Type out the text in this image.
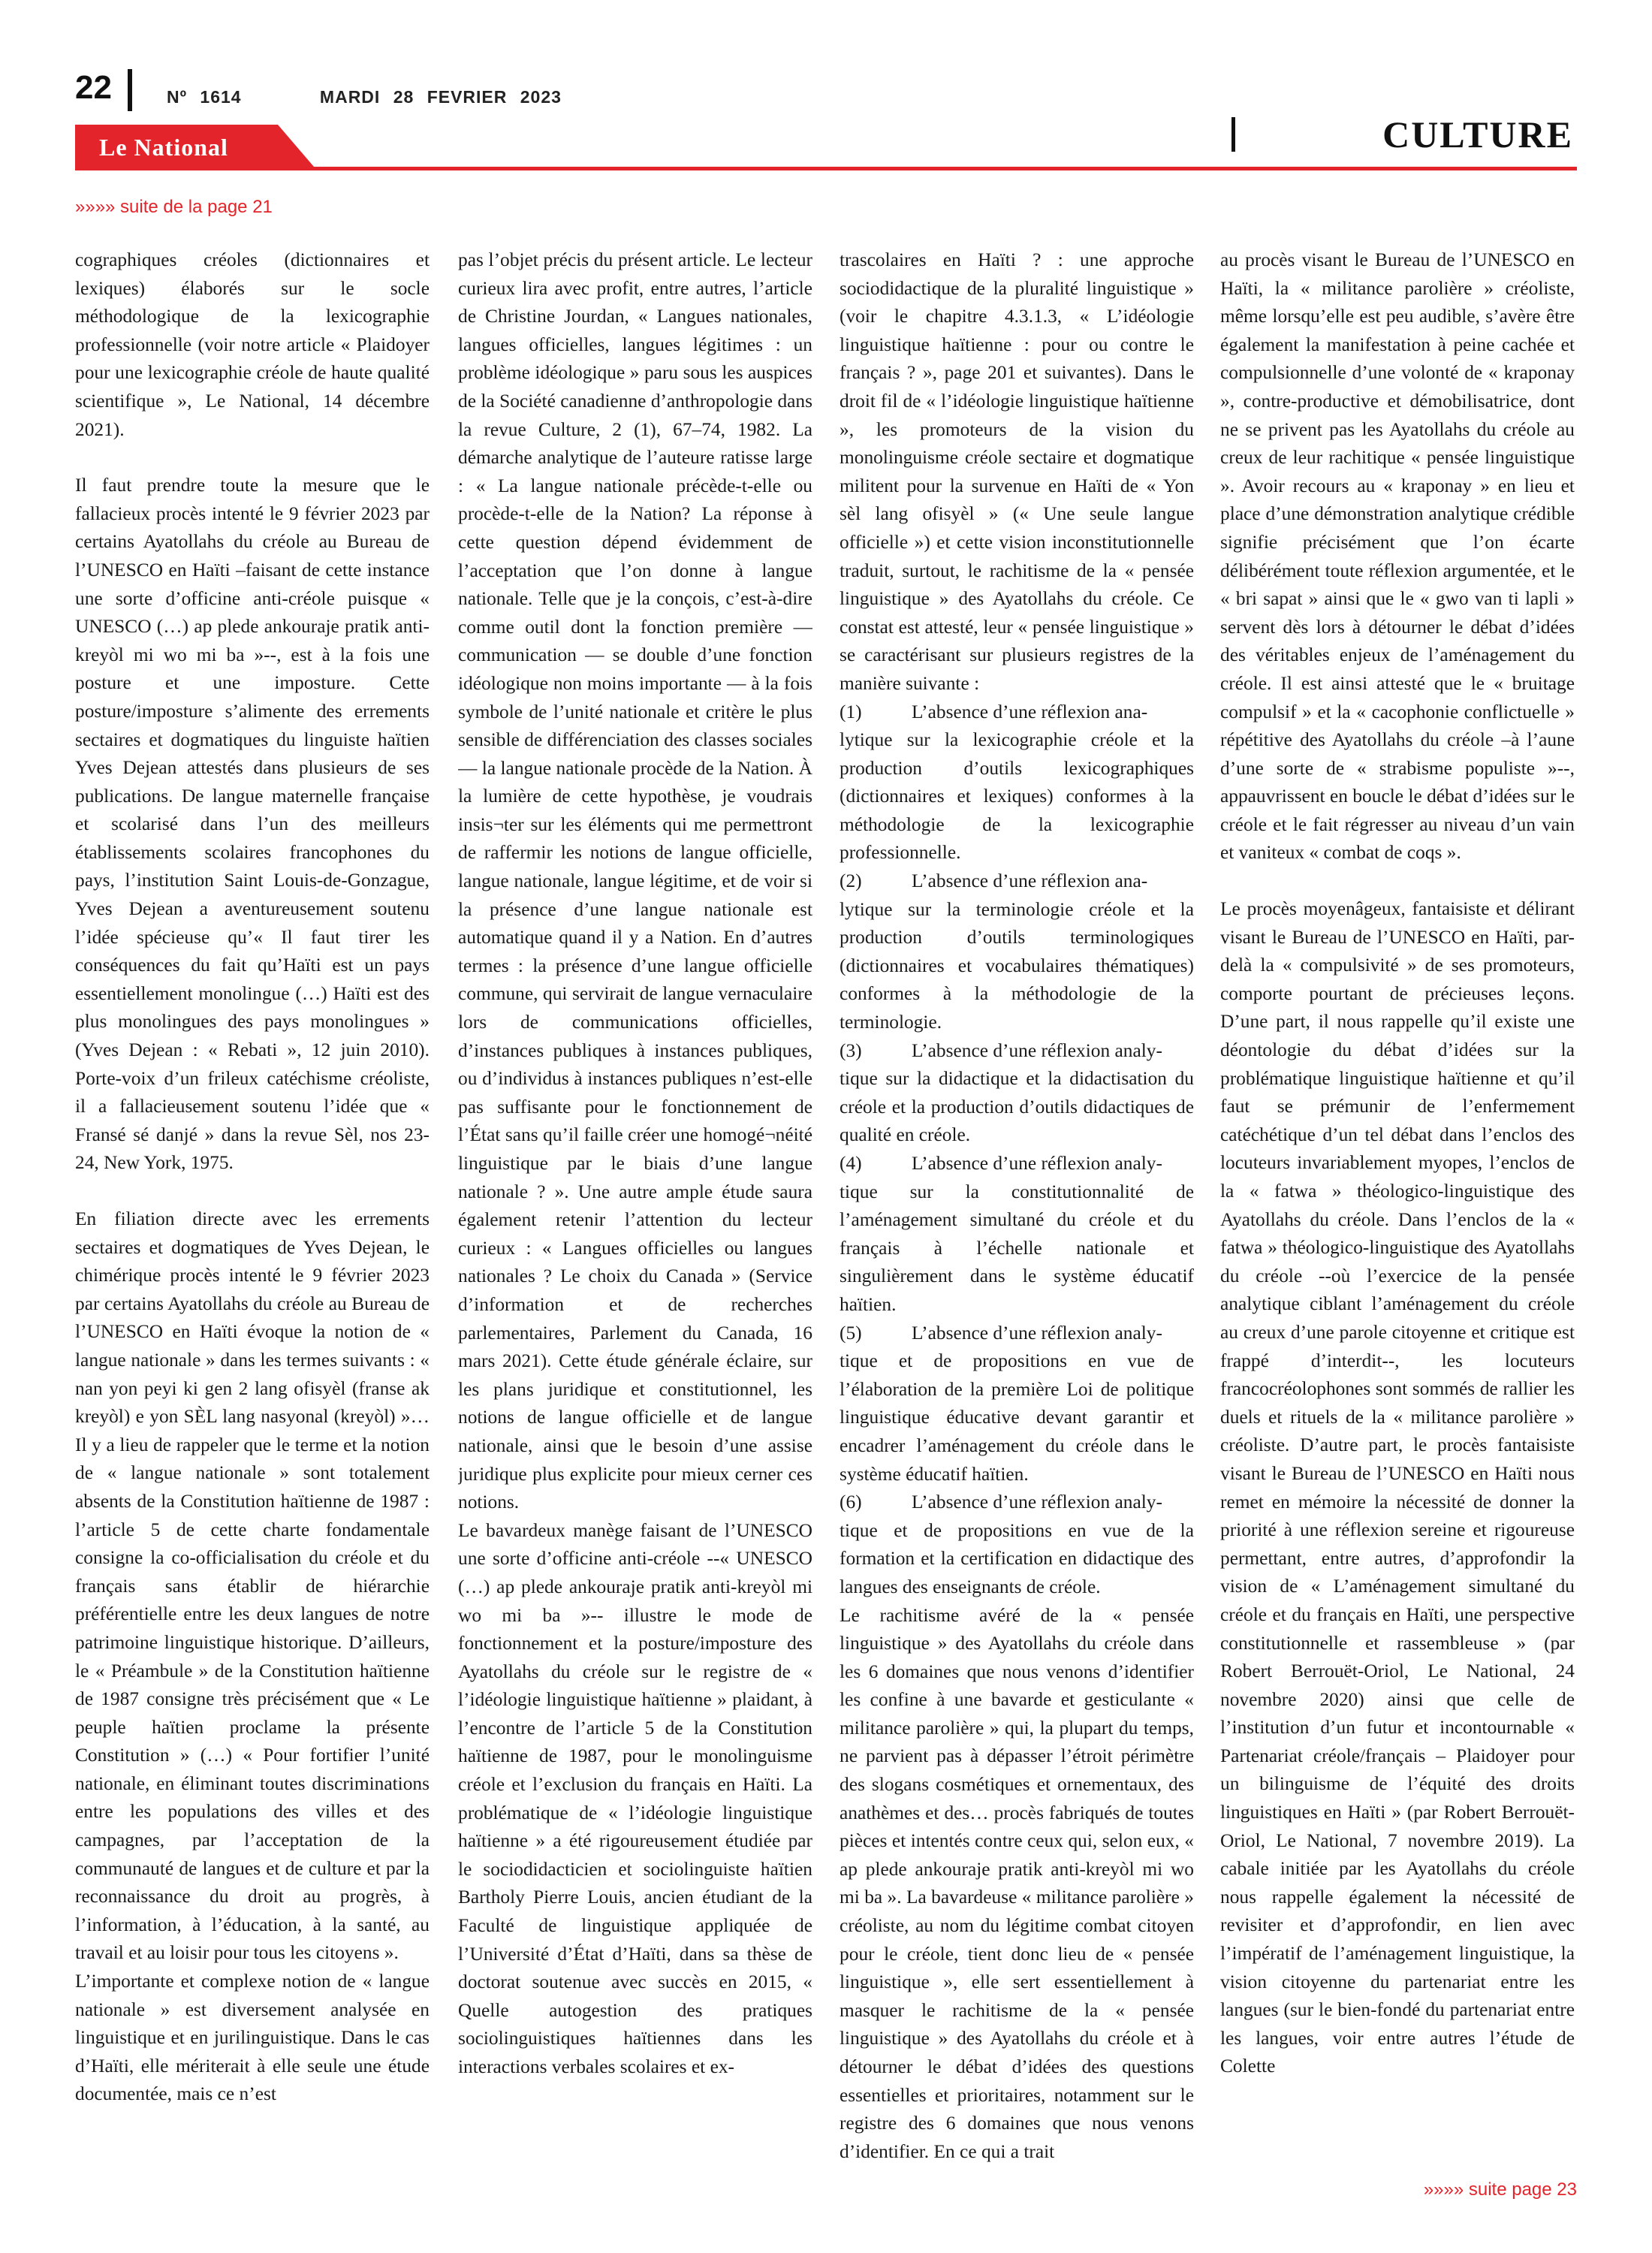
22	Nº 1614	MARDI 28 FEVRIER 2023
CULTURE
Le National
»»»» suite de la page 21

cographiques créoles (dictionnaires et lexiques) élaborés sur le socle méthodologique de la lexicographie professionnelle (voir notre article « Plaidoyer pour une lexicographie créole de haute qualité scientifique », Le National, 14 décembre 2021).

Il faut prendre toute la mesure que le fallacieux procès intenté le 9 février 2023 par certains Ayatollahs du créole au Bureau de l’UNESCO en Haïti –faisant de cette instance une sorte d’officine anti-créole puisque « UNESCO (…) ap plede ankouraje pratik anti-kreyòl mi wo mi ba »--, est à la fois une posture et une imposture. Cette posture/imposture s’alimente des errements sectaires et dogmatiques du linguiste haïtien Yves Dejean attestés dans plusieurs de ses publications. De langue maternelle française et scolarisé dans l’un des meilleurs établissements scolaires francophones du pays, l’institution Saint Louis-de-Gonzague, Yves Dejean a aventureusement soutenu l’idée spécieuse qu’« Il faut tirer les conséquences du fait qu’Haïti est un pays essentiellement monolingue (…) Haïti est des plus monolingues des pays monolingues » (Yves Dejean : « Rebati », 12 juin 2010). Porte-voix d’un frileux catéchisme créoliste, il a fallacieusement soutenu l’idée que « Fransé sé danjé » dans la revue Sèl, nos 23-24, New York, 1975.

En filiation directe avec les errements sectaires et dogmatiques de Yves Dejean, le chimérique procès intenté le 9 février 2023 par certains Ayatollahs du créole au Bureau de l’UNESCO en Haïti évoque la notion de « langue nationale » dans les termes suivants : « nan yon peyi ki gen 2 lang ofisyèl (franse ak kreyòl) e yon SÈL lang nasyonal (kreyòl) »… Il y a lieu de rappeler que le terme et la notion de « langue nationale » sont totalement absents de la Constitution haïtienne de 1987 : l’article 5 de cette charte fondamentale consigne la co-officialisation du créole et du français sans établir de hiérarchie préférentielle entre les deux langues de notre patrimoine linguistique historique. D’ailleurs, le « Préambule » de la Constitution haïtienne de 1987 consigne très précisément que « Le peuple haïtien proclame la présente Constitution » (…) « Pour fortifier l’unité nationale, en éliminant toutes discriminations entre les populations des villes et des campagnes, par l’acceptation de la communauté de langues et de culture et par la reconnaissance du droit au progrès, à l’information, à l’éducation, à la santé, au travail et au loisir pour tous les citoyens ».

L’importante et complexe notion de « langue nationale » est diversement analysée en linguistique et en jurilinguistique. Dans le cas d’Haïti, elle mériterait à elle seule une étude documentée, mais ce n’est

pas l’objet précis du présent article. Le lecteur curieux lira avec profit, entre autres, l’article de Christine Jourdan, « Langues nationales, langues officielles, langues légitimes : un problème idéologique » paru sous les auspices de la Société canadienne d’anthropologie dans la revue Culture, 2 (1), 67–74, 1982. La démarche analytique de l’auteure ratisse large : « La langue nationale précède-t-elle ou procède-t-elle de la Nation? La réponse à cette question dépend évidemment de l’acceptation que l’on donne à langue nationale. Telle que je la conçois, c’est-à-dire comme outil dont la fonction première — communication — se double d’une fonction idéologique non moins importante — à la fois symbole de l’unité nationale et critère le plus sensible de différenciation des classes sociales — la langue nationale procède de la Nation. À la lumière de cette hypothèse, je voudrais insis¬ter sur les éléments qui me permettront de raffermir les notions de langue officielle, langue nationale, langue légitime, et de voir si la présence d’une langue nationale est automatique quand il y a Nation. En d’autres termes : la présence d’une langue officielle commune, qui servirait de langue vernaculaire lors de communications officielles, d’instances publiques à instances publiques, ou d’individus à instances publiques n’est-elle pas suffisante pour le fonctionnement de l’État sans qu’il faille créer une homogé¬néité linguistique par le biais d’une langue nationale ? ». Une autre ample étude saura également retenir l’attention du lecteur curieux : « Langues officielles ou langues nationales ? Le choix du Canada » (Service d’information et de recherches parlementaires, Parlement du Canada, 16 mars 2021). Cette étude générale éclaire, sur les plans juridique et constitutionnel, les notions de langue officielle et de langue nationale, ainsi que le besoin d’une assise juridique plus explicite pour mieux cerner ces notions.

Le bavardeux manège faisant de l’UNESCO une sorte d’officine anti-créole --« UNESCO (…) ap plede ankouraje pratik anti-kreyòl mi wo mi ba »-- illustre le mode de fonctionnement et la posture/imposture des Ayatollahs du créole sur le registre de « l’idéologie linguistique haïtienne » plaidant, à l’encontre de l’article 5 de la Constitution haïtienne de 1987, pour le monolinguisme créole et l’exclusion du français en Haïti. La problématique de « l’idéologie linguistique haïtienne » a été rigoureusement étudiée par le sociodidacticien et sociolinguiste haïtien Bartholy Pierre Louis, ancien étudiant de la Faculté de linguistique appliquée de l’Université d’État d’Haïti, dans sa thèse de doctorat soutenue avec succès en 2015, « Quelle autogestion des pratiques sociolinguistiques haïtiennes dans les interactions verbales scolaires et ex-

trascolaires en Haïti ? : une approche sociodidactique de la pluralité linguistique » (voir le chapitre 4.3.1.3, « L’idéologie linguistique haïtienne : pour ou contre le français ? », page 201 et suivantes). Dans le droit fil de « l’idéologie linguistique haïtienne », les promoteurs de la vision du monolinguisme créole sectaire et dogmatique militent pour la survenue en Haïti de « Yon sèl lang ofisyèl » (« Une seule langue officielle ») et cette vision inconstitutionnelle traduit, surtout, le rachitisme de la « pensée linguistique » des Ayatollahs du créole. Ce constat est attesté, leur « pensée linguistique » se caractérisant sur plusieurs registres de la manière suivante :

(1)	L’absence d’une réflexion ana-
lytique sur la lexicographie créole et la production d’outils lexicographiques (dictionnaires et lexiques) conformes à la méthodologie de la lexicographie professionnelle.
(2)	L’absence d’une réflexion ana-
lytique sur la terminologie créole et la production d’outils terminologiques (dictionnaires et vocabulaires thématiques) conformes à la méthodologie de la terminologie.
(3)	L’absence d’une réflexion analy-
tique sur la didactique et la didactisation du créole et la production d’outils didactiques de qualité en créole.
(4)	L’absence d’une réflexion analy-
tique sur la constitutionnalité de l’aménagement simultané du créole et du français à l’échelle nationale et singulièrement dans le système éducatif haïtien.
(5)	L’absence d’une réflexion analy-
tique et de propositions en vue de l’élaboration de la première Loi de politique linguistique éducative devant garantir et encadrer l’aménagement du créole dans le système éducatif haïtien.
(6)	L’absence d’une réflexion analy-
tique et de propositions en vue de la formation et la certification en didactique des langues des enseignants de créole.

Le rachitisme avéré de la « pensée linguistique » des Ayatollahs du créole dans les 6 domaines que nous venons d’identifier les confine à une bavarde et gesticulante « militance parolière » qui, la plupart du temps, ne parvient pas à dépasser l’étroit périmètre des slogans cosmétiques et ornementaux, des anathèmes et des… procès fabriqués de toutes pièces et intentés contre ceux qui, selon eux, « ap plede ankouraje pratik anti-kreyòl mi wo mi ba ». La bavardeuse « militance parolière » créoliste, au nom du légitime combat citoyen pour le créole, tient donc lieu de « pensée linguistique », elle sert essentiellement à masquer le rachitisme de la « pensée linguistique » des Ayatollahs du créole et à détourner le débat d’idées des questions essentielles et prioritaires, notamment sur le registre des 6 domaines que nous venons d’identifier. En ce qui a trait

au procès visant le Bureau de l’UNESCO en Haïti, la « militance parolière » créoliste, même lorsqu’elle est peu audible, s’avère être également la manifestation à peine cachée et compulsionnelle d’une volonté de « kraponay », contre-productive et démobilisatrice, dont ne se privent pas les Ayatollahs du créole au creux de leur rachitique « pensée linguistique ». Avoir recours au « kraponay » en lieu et place d’une démonstration analytique crédible signifie précisément que l’on écarte délibérément toute réflexion argumentée, et le « bri sapat » ainsi que le « gwo van ti lapli » servent dès lors à détourner le débat d’idées des véritables enjeux de l’aménagement du créole. Il est ainsi attesté que le « bruitage compulsif » et la « cacophonie conflictuelle » répétitive des Ayatollahs du créole –à l’aune d’une sorte de « strabisme populiste »--, appauvrissent en boucle le débat d’idées sur le créole et le fait régresser au niveau d’un vain et vaniteux « combat de coqs ».

Le procès moyenâgeux, fantaisiste et délirant visant le Bureau de l’UNESCO en Haïti, par-delà la « compulsivité » de ses promoteurs, comporte pourtant de précieuses leçons. D’une part, il nous rappelle qu’il existe une déontologie du débat d’idées sur la problématique linguistique haïtienne et qu’il faut se prémunir de l’enfermement catéchétique d’un tel débat dans l’enclos des locuteurs invariablement myopes, l’enclos de la « fatwa » théologico-linguistique des Ayatollahs du créole. Dans l’enclos de la « fatwa » théologico-linguistique des Ayatollahs du créole --où l’exercice de la pensée analytique ciblant l’aménagement du créole au creux d’une parole citoyenne et critique est frappé d’interdit--, les locuteurs francocréolophones sont sommés de rallier les duels et rituels de la « militance parolière » créoliste. D’autre part, le procès fantaisiste visant le Bureau de l’UNESCO en Haïti nous remet en mémoire la nécessité de donner la priorité à une réflexion sereine et rigoureuse permettant, entre autres, d’approfondir la vision de « L’aménagement simultané du créole et du français en Haïti, une perspective constitutionnelle et rassembleuse » (par Robert Berrouët-Oriol, Le National, 24 novembre 2020) ainsi que celle de l’institution d’un futur et incontournable « Partenariat créole/français – Plaidoyer pour un bilinguisme de l’équité des droits linguistiques en Haïti » (par Robert Berrouët-Oriol, Le National, 7 novembre 2019). La cabale initiée par les Ayatollahs du créole nous rappelle également la nécessité de revisiter et d’approfondir, en lien avec l’impératif de l’aménagement linguistique, la vision citoyenne du partenariat entre les langues (sur le bien-fondé du partenariat entre les langues, voir entre autres l’étude de Colette

»»»» suite page 23
